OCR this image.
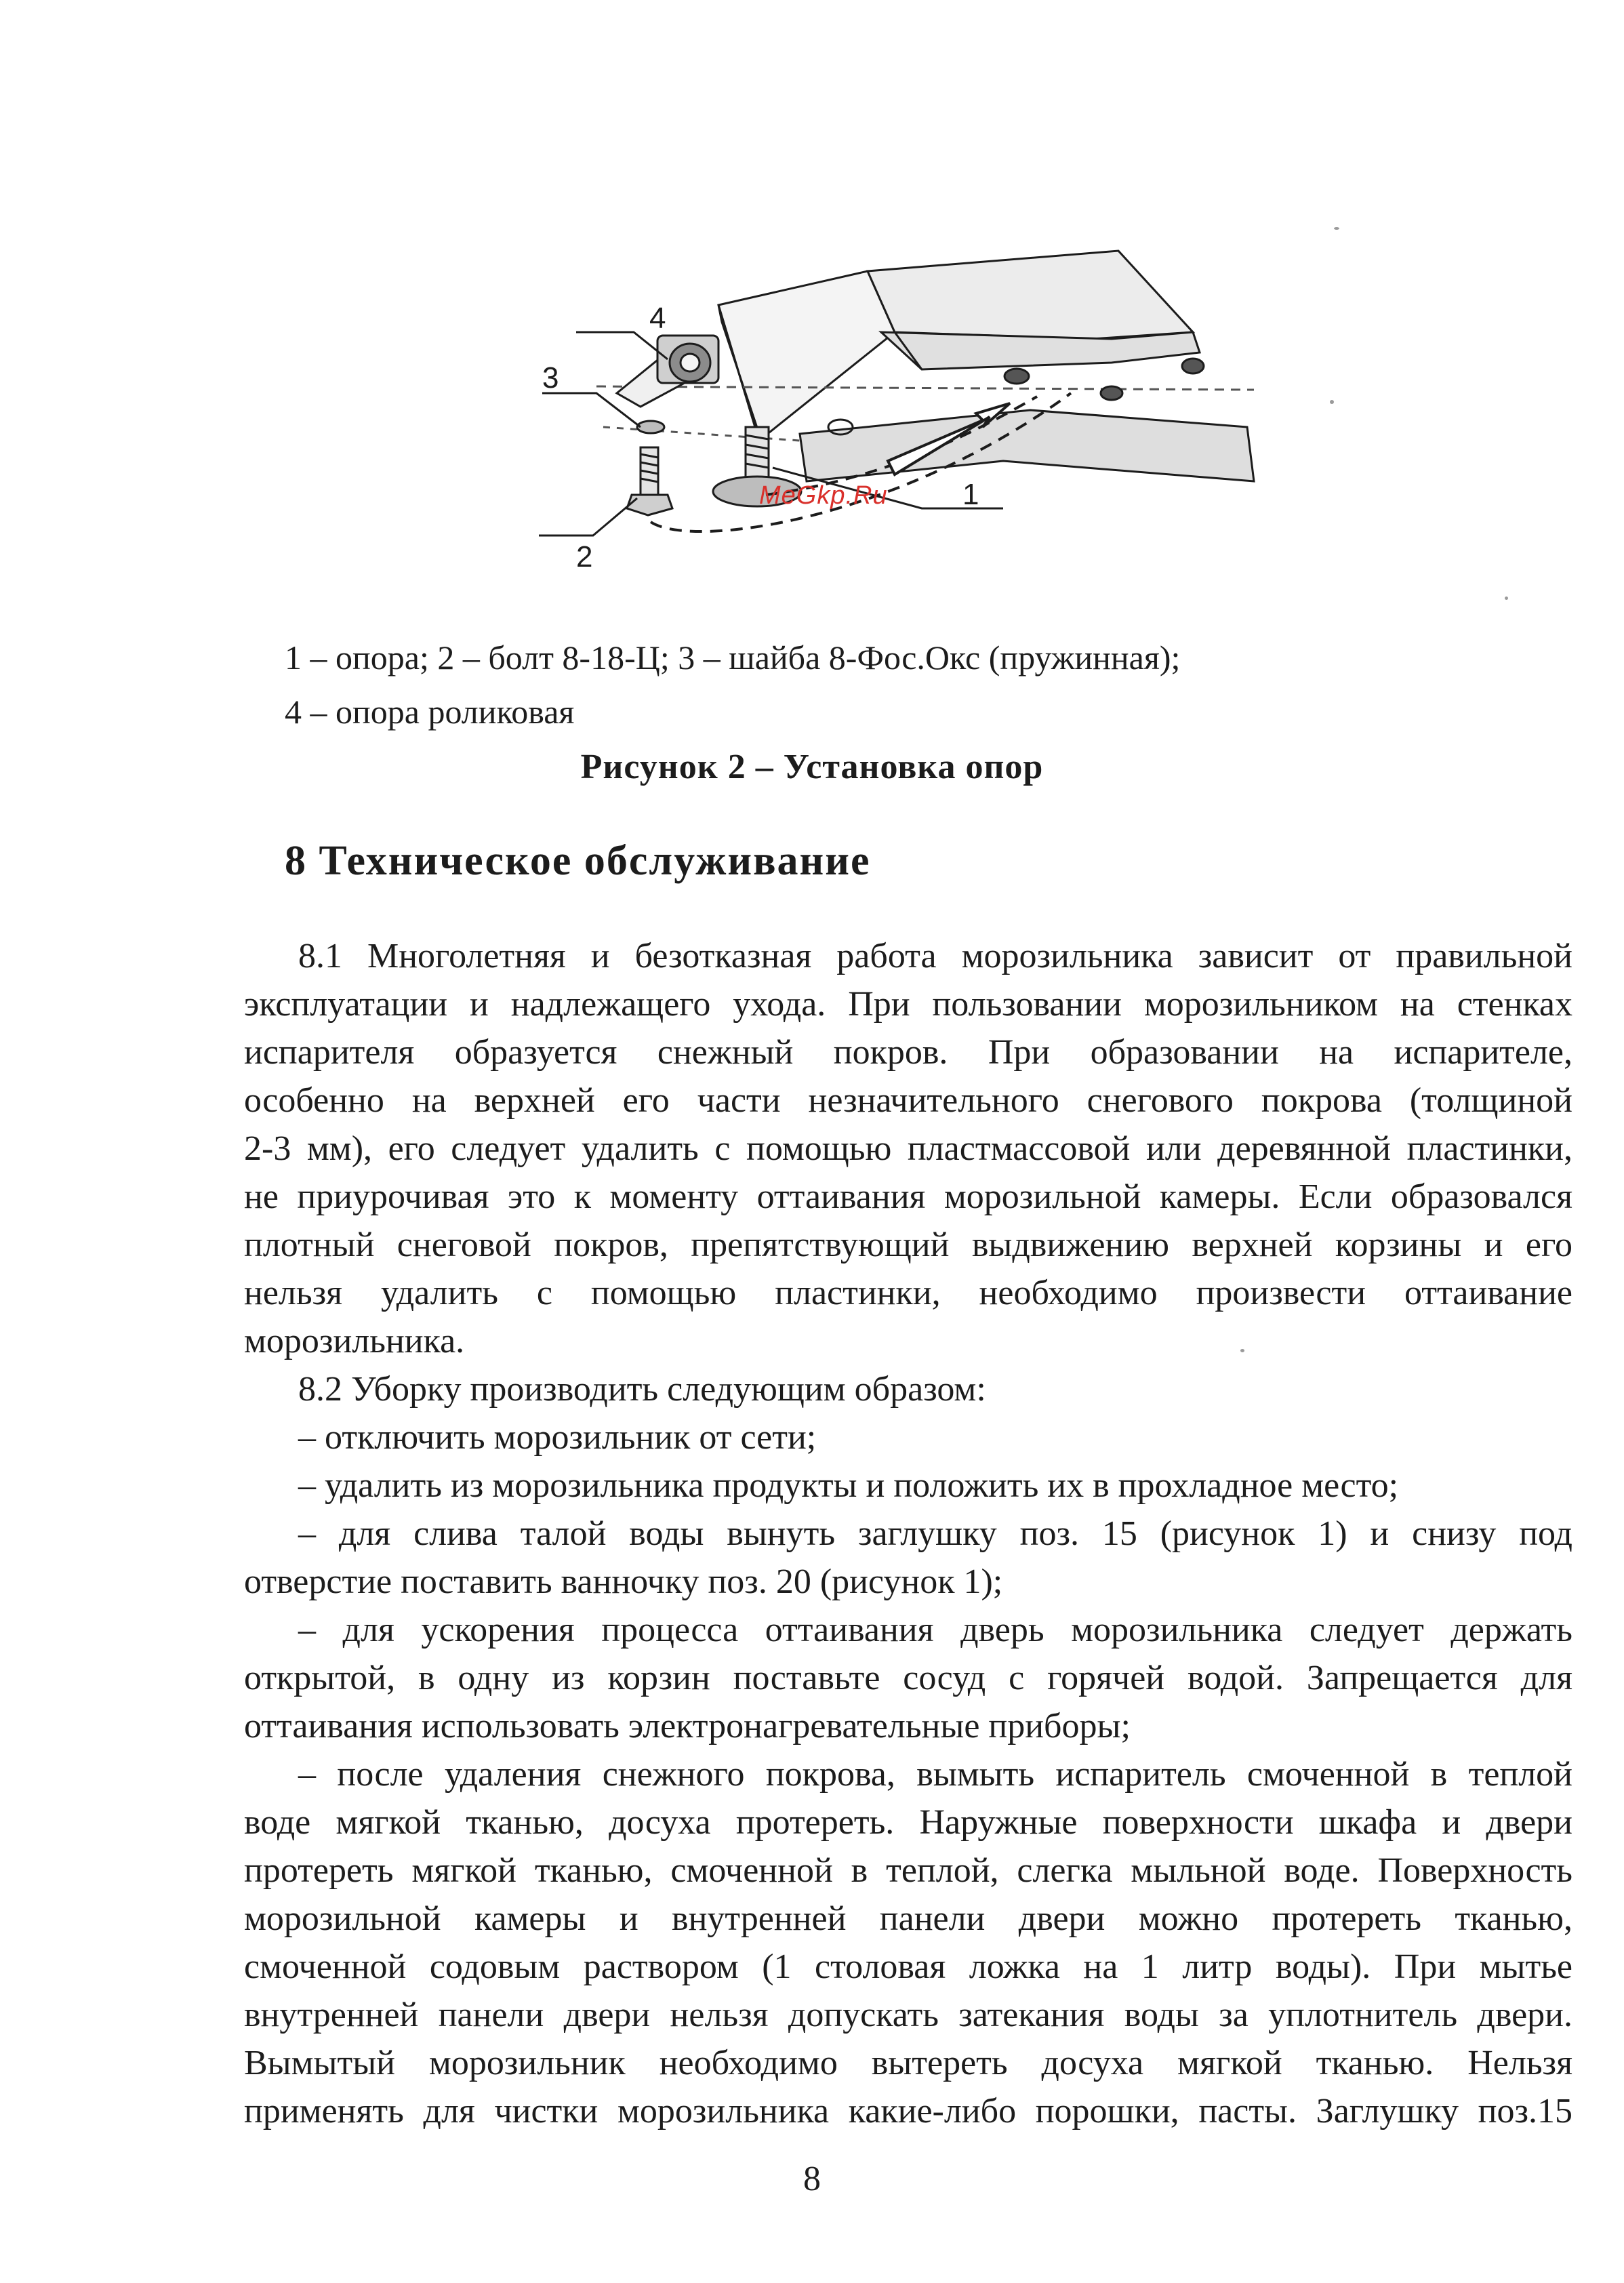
4
3
2
1
MeGkp.Ru
1 – опора; 2 – болт 8-18-Ц; 3 – шайба 8-Фос.Окс (пружинная);
4 – опора роликовая
Рисунок 2 – Установка опор
8 Техническое обслуживание
8.1 Многолетняя и безотказная работа морозильника зависит от правильной
эксплуатации и надлежащего ухода. При пользовании морозильником на стенках
испарителя образуется снежный покров. При образовании на испарителе,
особенно на верхней его части незначительного снегового покрова (толщиной
2-3 мм), его следует удалить с помощью пластмассовой или деревянной пластинки,
не приурочивая это к моменту оттаивания морозильной камеры. Если образовался
плотный снеговой покров, препятствующий выдвижению верхней корзины и его
нельзя удалить с помощью пластинки, необходимо произвести оттаивание
морозильника.
8.2 Уборку производить следующим образом:
– отключить морозильник от сети;
– удалить из морозильника продукты и положить их в прохладное место;
– для слива талой воды вынуть заглушку поз. 15 (рисунок 1) и снизу под
отверстие поставить ванночку поз. 20 (рисунок 1);
– для ускорения процесса оттаивания дверь морозильника следует держать
открытой, в одну из корзин поставьте сосуд с горячей водой. Запрещается для
оттаивания использовать электронагревательные приборы;
– после удаления снежного покрова, вымыть испаритель смоченной в теплой
воде мягкой тканью, досуха протереть. Наружные поверхности шкафа и двери
протереть мягкой тканью, смоченной в теплой, слегка мыльной воде. Поверхность
морозильной камеры и внутренней панели двери можно протереть тканью,
смоченной содовым раствором (1 столовая ложка на 1 литр воды). При мытье
внутренней панели двери нельзя допускать затекания воды за уплотнитель двери.
Вымытый морозильник необходимо вытереть досуха мягкой тканью. Нельзя
применять для чистки морозильника какие-либо порошки, пасты. Заглушку поз.15
8
